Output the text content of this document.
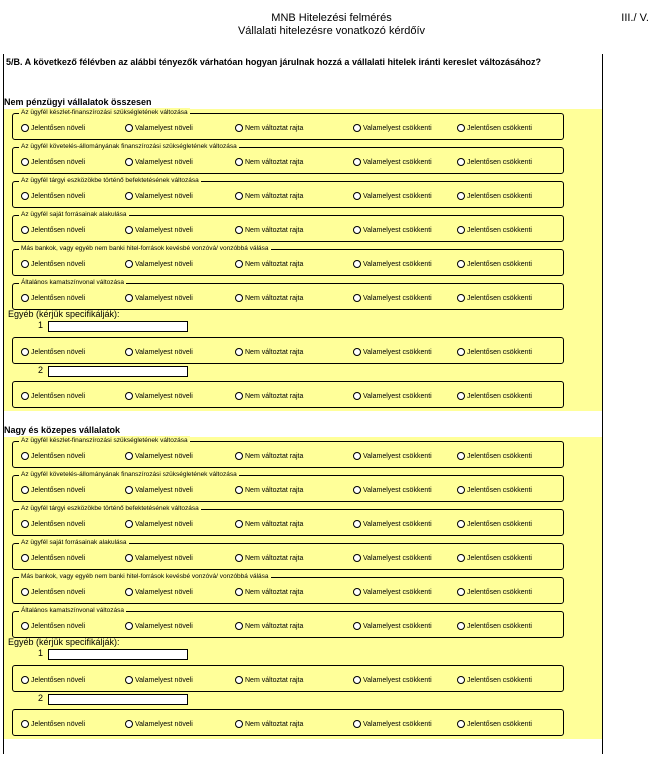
MNB Hitelezési felmérés
Vállalati hitelezésre vonatkozó kérdőív
III./ V.
5/B. A következő félévben az alábbi tényezők várhatóan hogyan járulnak hozzá a vállalati hitelek iránti kereslet változásához?
Nem pénzügyi vállalatok összesen
Az ügyfél készlet-finanszírozási szükségletének változása
Jelentősen növeli	Valamelyest növeli	Nem változtat rajta	Valamelyest csökkenti	Jelentősen csökkenti
Az ügyfél követelés-állományának finanszírozási szükségletének változása
Jelentősen növeli	Valamelyest növeli	Nem változtat rajta	Valamelyest csökkenti	Jelentősen csökkenti
Az ügyfél tárgyi eszközökbe történő befektetésének változása
Jelentősen növeli	Valamelyest növeli	Nem változtat rajta	Valamelyest csökkenti	Jelentősen csökkenti
Az ügyfél saját forrásainak alakulása
Jelentősen növeli	Valamelyest növeli	Nem változtat rajta	Valamelyest csökkenti	Jelentősen csökkenti
Más bankok, vagy egyéb nem banki hitel-források kevésbé vonzóvá/ vonzóbbá válása
Jelentősen növeli	Valamelyest növeli	Nem változtat rajta	Valamelyest csökkenti	Jelentősen csökkenti
Általános kamatszínvonal változása
Jelentősen növeli	Valamelyest növeli	Nem változtat rajta	Valamelyest csökkenti	Jelentősen csökkenti
Egyéb (kérjük specifikálják):
1
Jelentősen növeli	Valamelyest növeli	Nem változtat rajta	Valamelyest csökkenti	Jelentősen csökkenti
2
Jelentősen növeli	Valamelyest növeli	Nem változtat rajta	Valamelyest csökkenti	Jelentősen csökkenti
Nagy és közepes vállalatok
Az ügyfél készlet-finanszírozási szükségletének változása
Jelentősen növeli	Valamelyest növeli	Nem változtat rajta	Valamelyest csökkenti	Jelentősen csökkenti
Az ügyfél követelés-állományának finanszírozási szükségletének változása
Jelentősen növeli	Valamelyest növeli	Nem változtat rajta	Valamelyest csökkenti	Jelentősen csökkenti
Az ügyfél tárgyi eszközökbe történő befektetésének változása
Jelentősen növeli	Valamelyest növeli	Nem változtat rajta	Valamelyest csökkenti	Jelentősen csökkenti
Az ügyfél saját forrásainak alakulása
Jelentősen növeli	Valamelyest növeli	Nem változtat rajta	Valamelyest csökkenti	Jelentősen csökkenti
Más bankok, vagy egyéb nem banki hitel-források kevésbé vonzóvá/ vonzóbbá válása
Jelentősen növeli	Valamelyest növeli	Nem változtat rajta	Valamelyest csökkenti	Jelentősen csökkenti
Általános kamatszínvonal változása
Jelentősen növeli	Valamelyest növeli	Nem változtat rajta	Valamelyest csökkenti	Jelentősen csökkenti
Egyéb (kérjük specifikálják):
1
Jelentősen növeli	Valamelyest növeli	Nem változtat rajta	Valamelyest csökkenti	Jelentősen csökkenti
2
Jelentősen növeli	Valamelyest növeli	Nem változtat rajta	Valamelyest csökkenti	Jelentősen csökkenti
